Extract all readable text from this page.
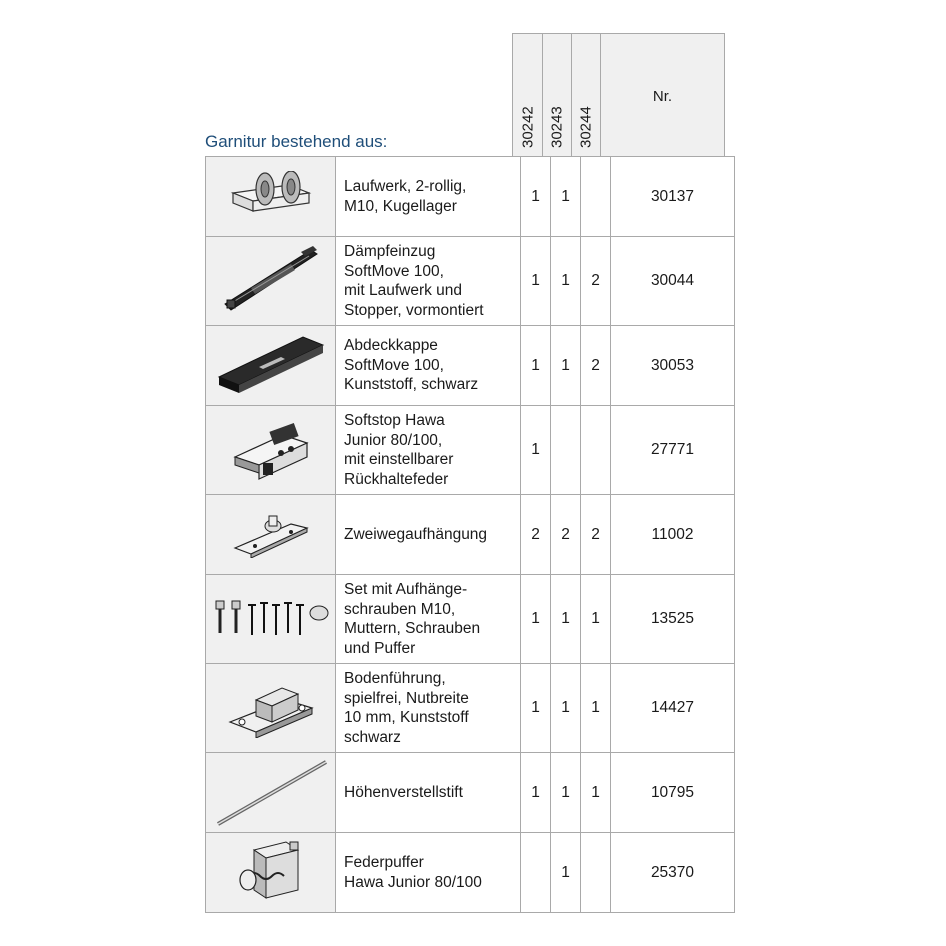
Garnitur bestehend aus:	30242 30243 30244
Nr.
	Laufwerk, 2-rollig,
M10, Kugellager	1	1		30137

	Dämpfeinzug
SoftMove 100,
mit Laufwerk und
Stopper, vormontiert	1	1	2	30044

	Abdeckkappe
SoftMove 100,
Kunststoff, schwarz	1	1	2	30053

	Softstop Hawa
Junior 80/100,
mit einstellbarer
Rückhaltefeder	1			27771

	Zweiwegaufhängung	2	2	2	11002

	Set mit Aufhänge-
schrauben M10,
Muttern, Schrauben
und Puffer	1	1	1	13525

	Bodenführung,
spielfrei, Nutbreite
10 mm, Kunststoff
schwarz	1	1	1	14427

	Höhenverstellstift	1	1	1	10795

	Federpuffer
Hawa Junior 80/100		1		25370
